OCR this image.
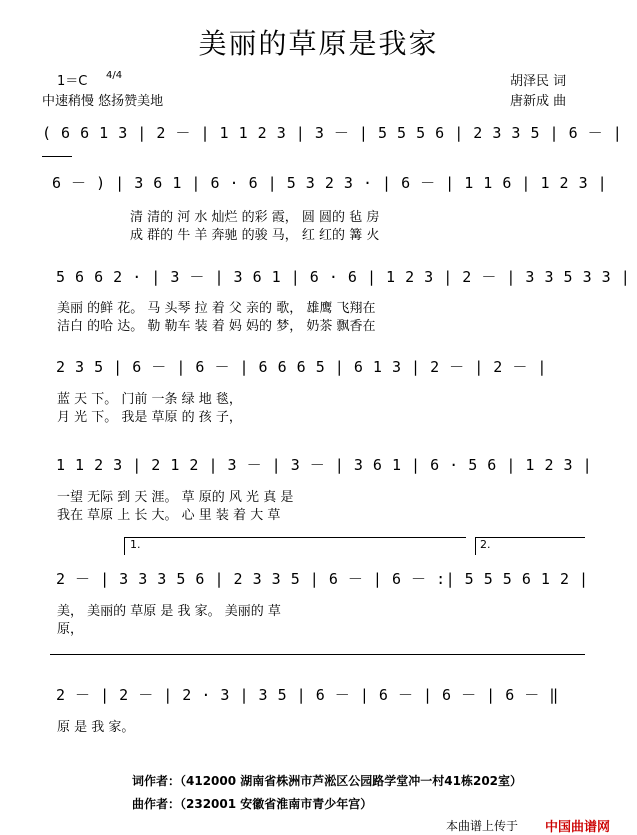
美丽的草原是我家
1＝C 4/4
中速稍慢 悠扬赞美地
胡泽民 词
唐新成 曲
( 6 6 1 3 | 2 － | 1 1 2 3 | 3 － | 5 5 5 6 | 2 3 3 5 | 6 － |
6 － ) | 3 6 1 | 6 · 6 | 5 3 2 3 · | 6 － | 1 1 6 | 1 2 3 |
清 清的 河 水 灿烂 的彩 霞， 圆 圆的 毡 房
成 群的 牛 羊 奔驰 的骏 马， 红 红的 篝 火
5 6 6 2 · | 3 － | 3 6 1 | 6 · 6 | 1 2 3 | 2 － | 3 3 5 3 3 |
美丽 的鲜 花。 马 头琴 拉 着 父 亲的 歌， 雄鹰 飞翔在
洁白 的哈 达。 勒 勒车 装 着 妈 妈的 梦， 奶茶 飘香在
2 3 5 | 6 － | 6 － | 6 6 6 5 | 6 1 3 | 2 － | 2 － |
蓝 天 下。 门前 一条 绿 地 毯，
月 光 下。 我是 草原 的 孩 子，
1 1 2 3 | 2 1 2 | 3 － | 3 － | 3 6 1 | 6 · 5 6 | 1 2 3 |
一望 无际 到 天 涯。 草 原的 风 光 真 是
我在 草原 上 长 大。 心 里 装 着 大 草
1.	2.
2 － | 3 3 3 5 6 | 2 3 3 5 | 6 － | 6 － :| 5 5 5 6 1 2 |
美， 美丽的 草原 是 我 家。 美丽的 草
原，
2 － | 2 － | 2 · 3 | 3 5 | 6 － | 6 － | 6 － | 6 － ‖
原 是 我 家。
词作者：（412000 湖南省株洲市芦淞区公园路学堂冲一村41栋202室）
曲作者：（232001 安徽省淮南市青少年宫）
本曲谱上传于 中国曲谱网
